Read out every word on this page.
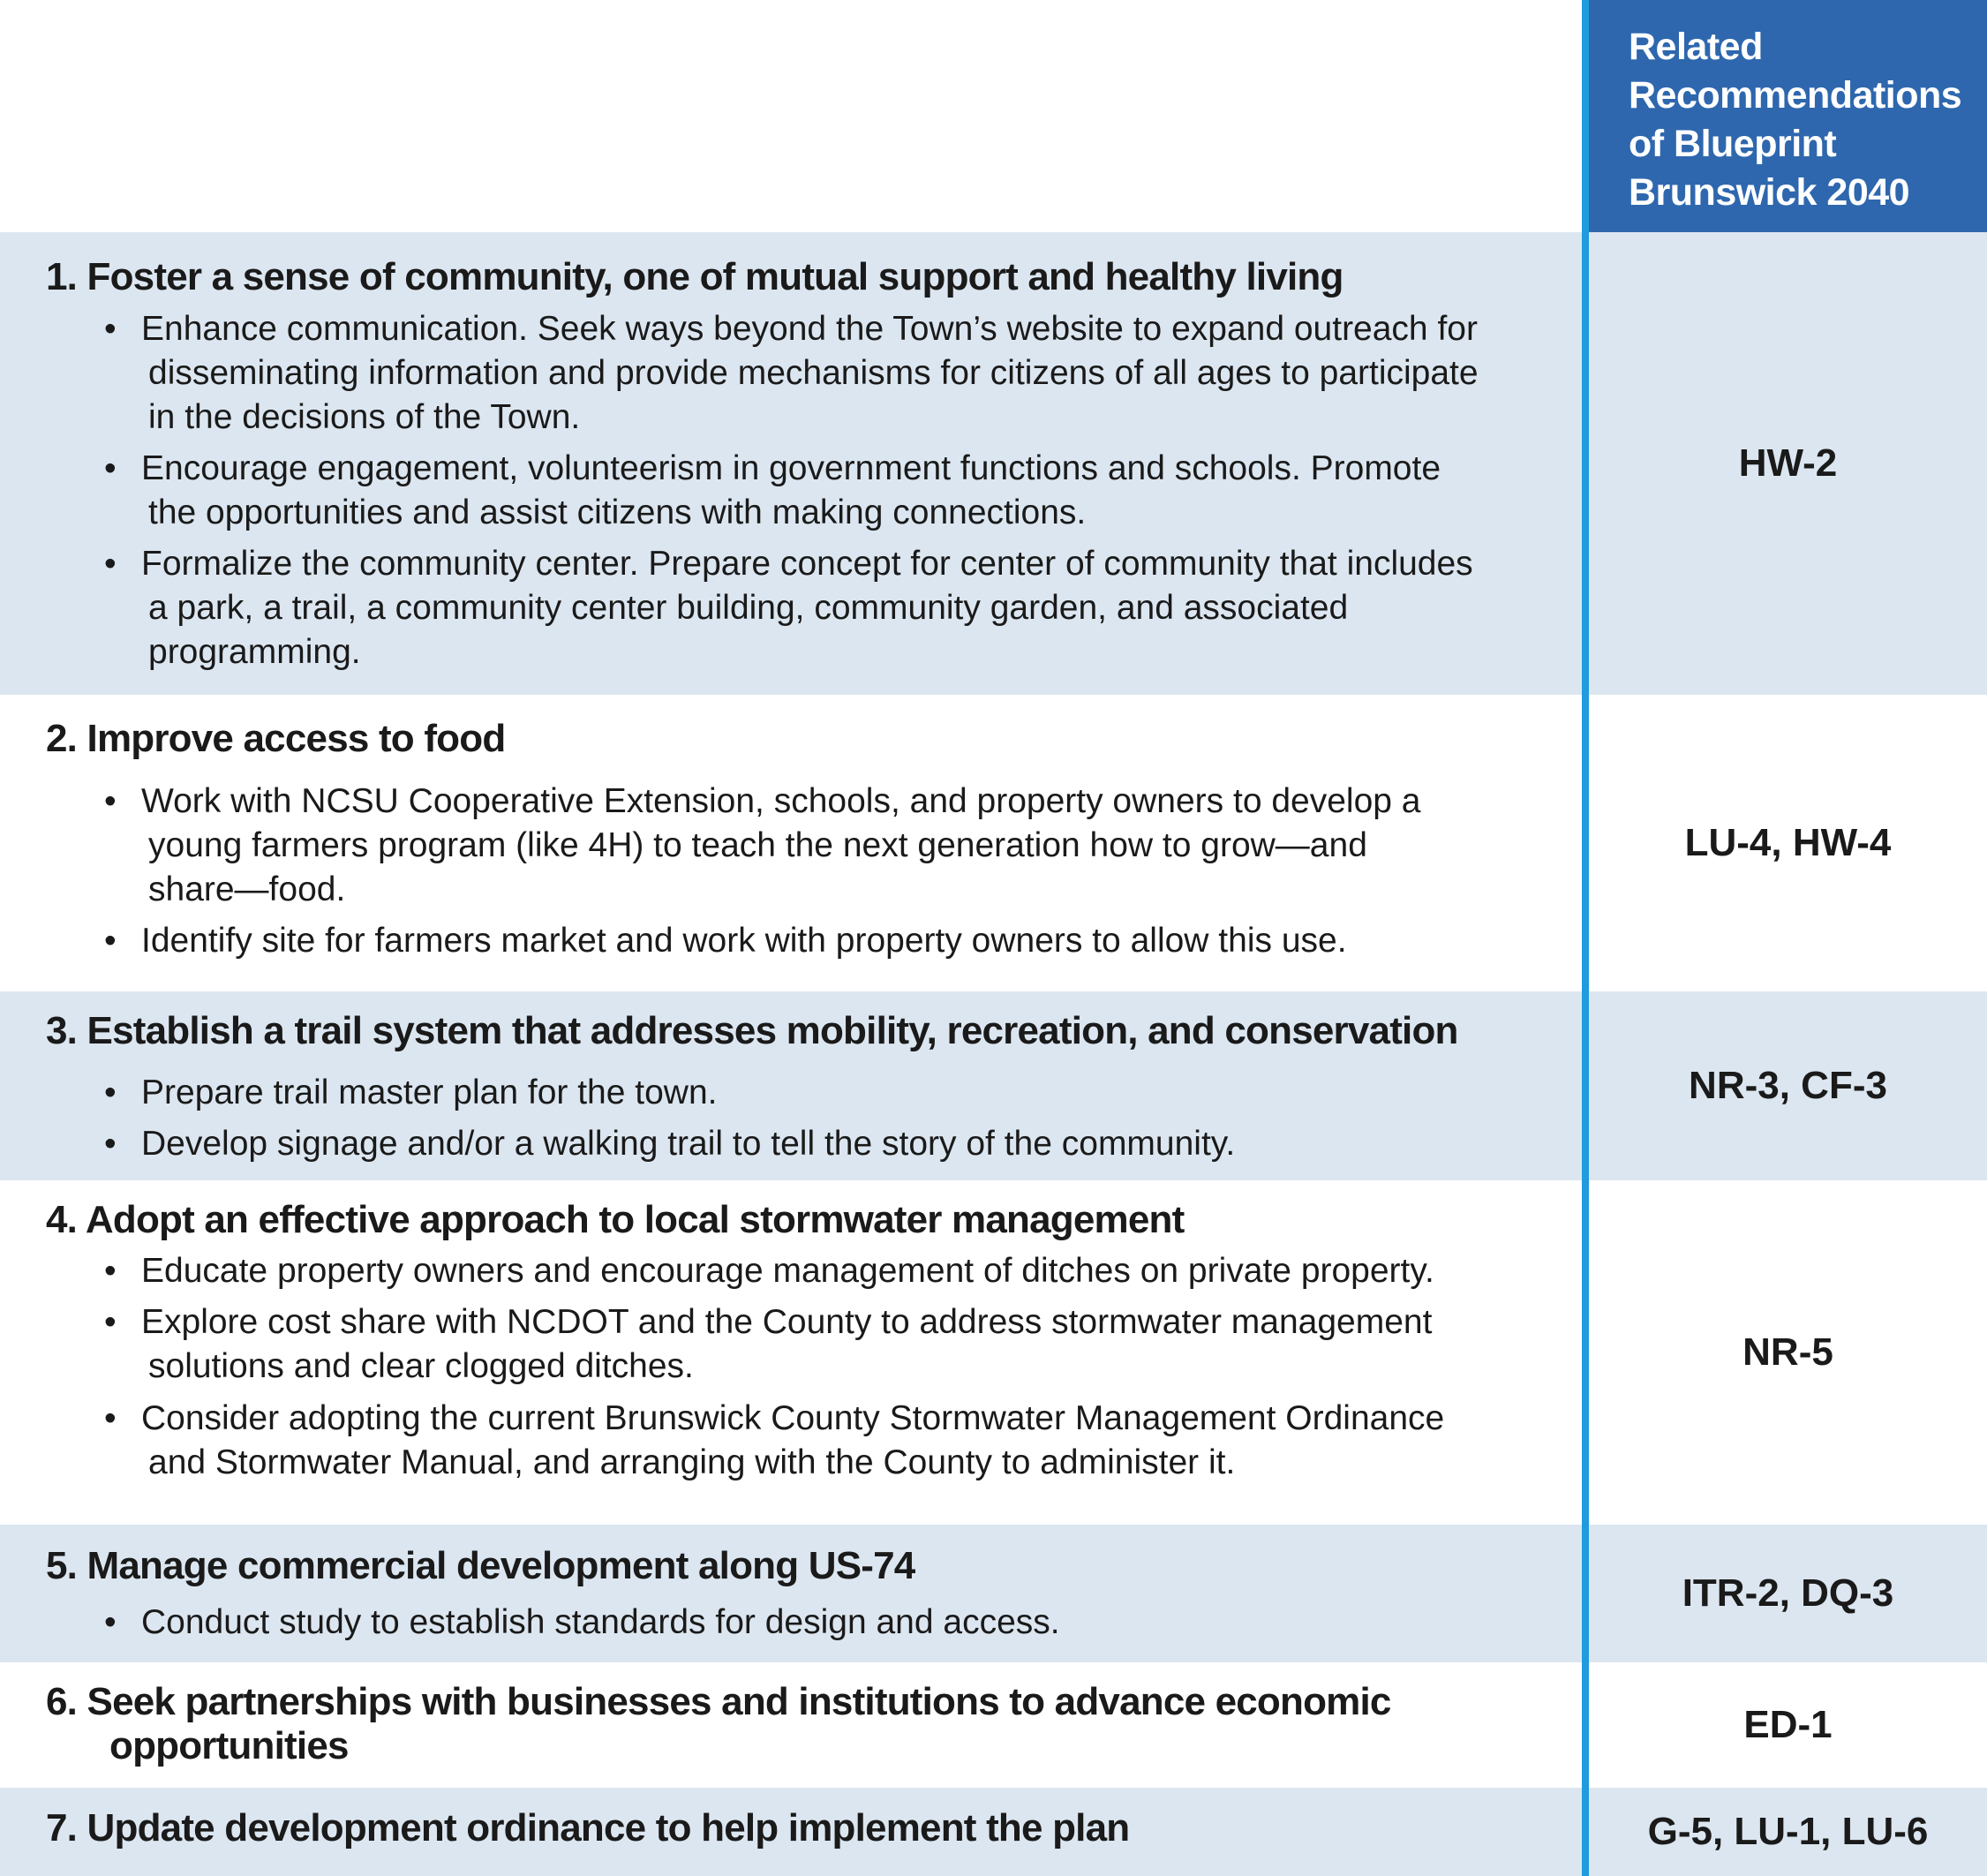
Related
Recommendations
of Blueprint
Brunswick 2040
1. Foster a sense of community, one of mutual support and healthy living
• Enhance communication. Seek ways beyond the Town’s website to expand outreach for
disseminating information and provide mechanisms for citizens of all ages to participate
in the decisions of the Town.
• Encourage engagement, volunteerism in government functions and schools. Promote
the opportunities and assist citizens with making connections.
• Formalize the community center. Prepare concept for center of community that includes
a park, a trail, a community center building, community garden, and associated
programming.
HW-2
2. Improve access to food
• Work with NCSU Cooperative Extension, schools, and property owners to develop a
young farmers program (like 4H) to teach the next generation how to grow—and
share—food.
• Identify site for farmers market and work with property owners to allow this use.
LU-4, HW-4
3. Establish a trail system that addresses mobility, recreation, and conservation
• Prepare trail master plan for the town.
• Develop signage and/or a walking trail to tell the story of the community.
NR-3, CF-3
4. Adopt an effective approach to local stormwater management
• Educate property owners and encourage management of ditches on private property.
• Explore cost share with NCDOT and the County to address stormwater management
solutions and clear clogged ditches.
• Consider adopting the current Brunswick County Stormwater Management Ordinance
and Stormwater Manual, and arranging with the County to administer it.
NR-5
5. Manage commercial development along US-74
• Conduct study to establish standards for design and access.
ITR-2, DQ-3
6. Seek partnerships with businesses and institutions to advance economic
opportunities	ED-1
7. Update development ordinance to help implement the plan	G-5, LU-1, LU-6
